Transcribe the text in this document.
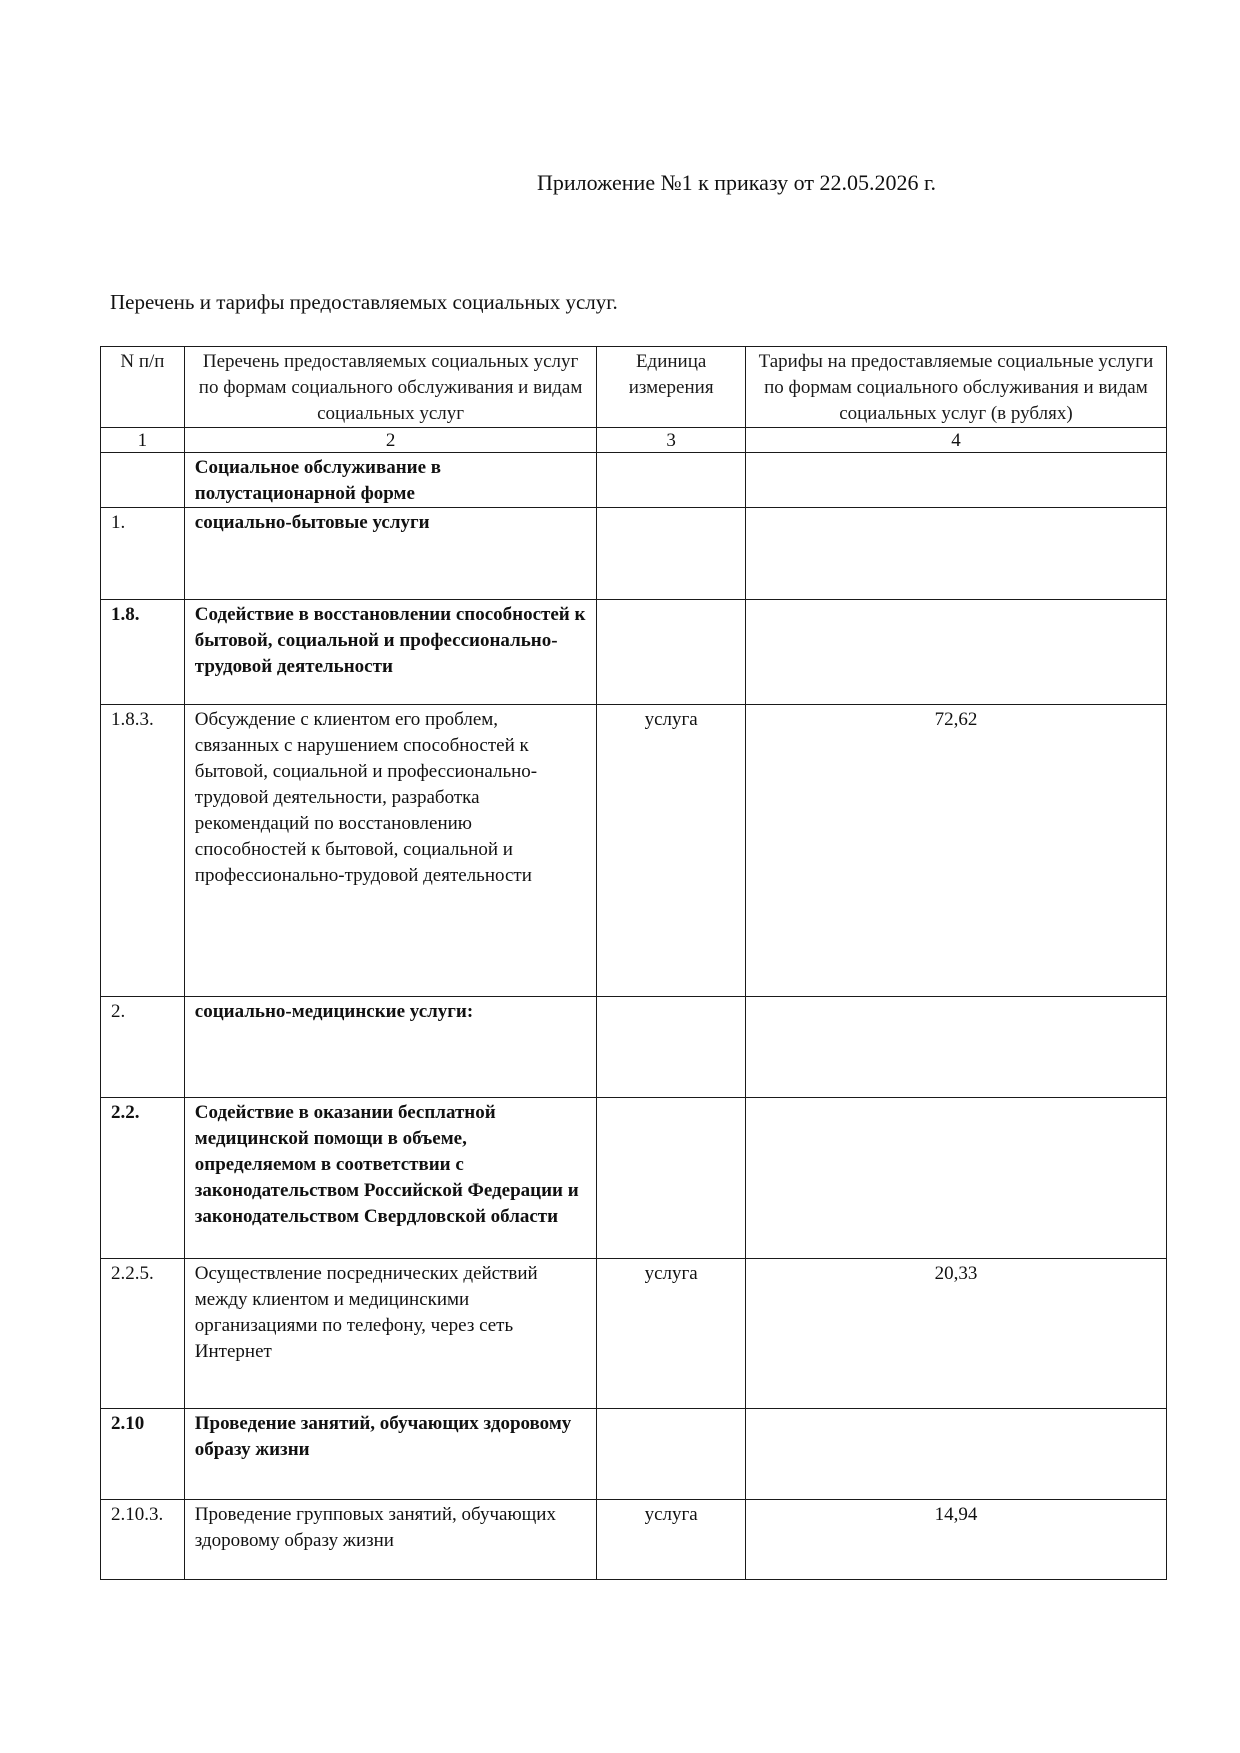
Приложение №1 к приказу от 22.05.2026 г.
Перечень и тарифы предоставляемых социальных услуг.
N п/п	Перечень предоставляемых социальных услуг по формам социального обслуживания и видам социальных услуг	Единица измерения	Тарифы на предоставляемые социальные услуги по формам социального обслуживания и видам социальных услуг (в рублях)
1	2	3	4
	Социальное обслуживание в полустационарной форме		
1.	социально-бытовые услуги		
1.8.	Содействие в восстановлении способностей к бытовой, социальной и профессионально-трудовой деятельности		
1.8.3.	Обсуждение с клиентом его проблем, связанных с нарушением способностей к бытовой, социальной и профессионально-трудовой деятельности, разработка рекомендаций по восстановлению способностей к бытовой, социальной и профессионально-трудовой деятельности	услуга	72,62
2.	социально-медицинские услуги:		
2.2.	Содействие в оказании бесплатной медицинской помощи в объеме, определяемом в соответствии с законодательством Российской Федерации и законодательством Свердловской области		
2.2.5.	Осуществление посреднических действий между клиентом и медицинскими организациями по телефону, через сеть Интернет	услуга	20,33
2.10	Проведение занятий, обучающих здоровому образу жизни		
2.10.3.	Проведение групповых занятий, обучающих здоровому образу жизни	услуга	14,94
